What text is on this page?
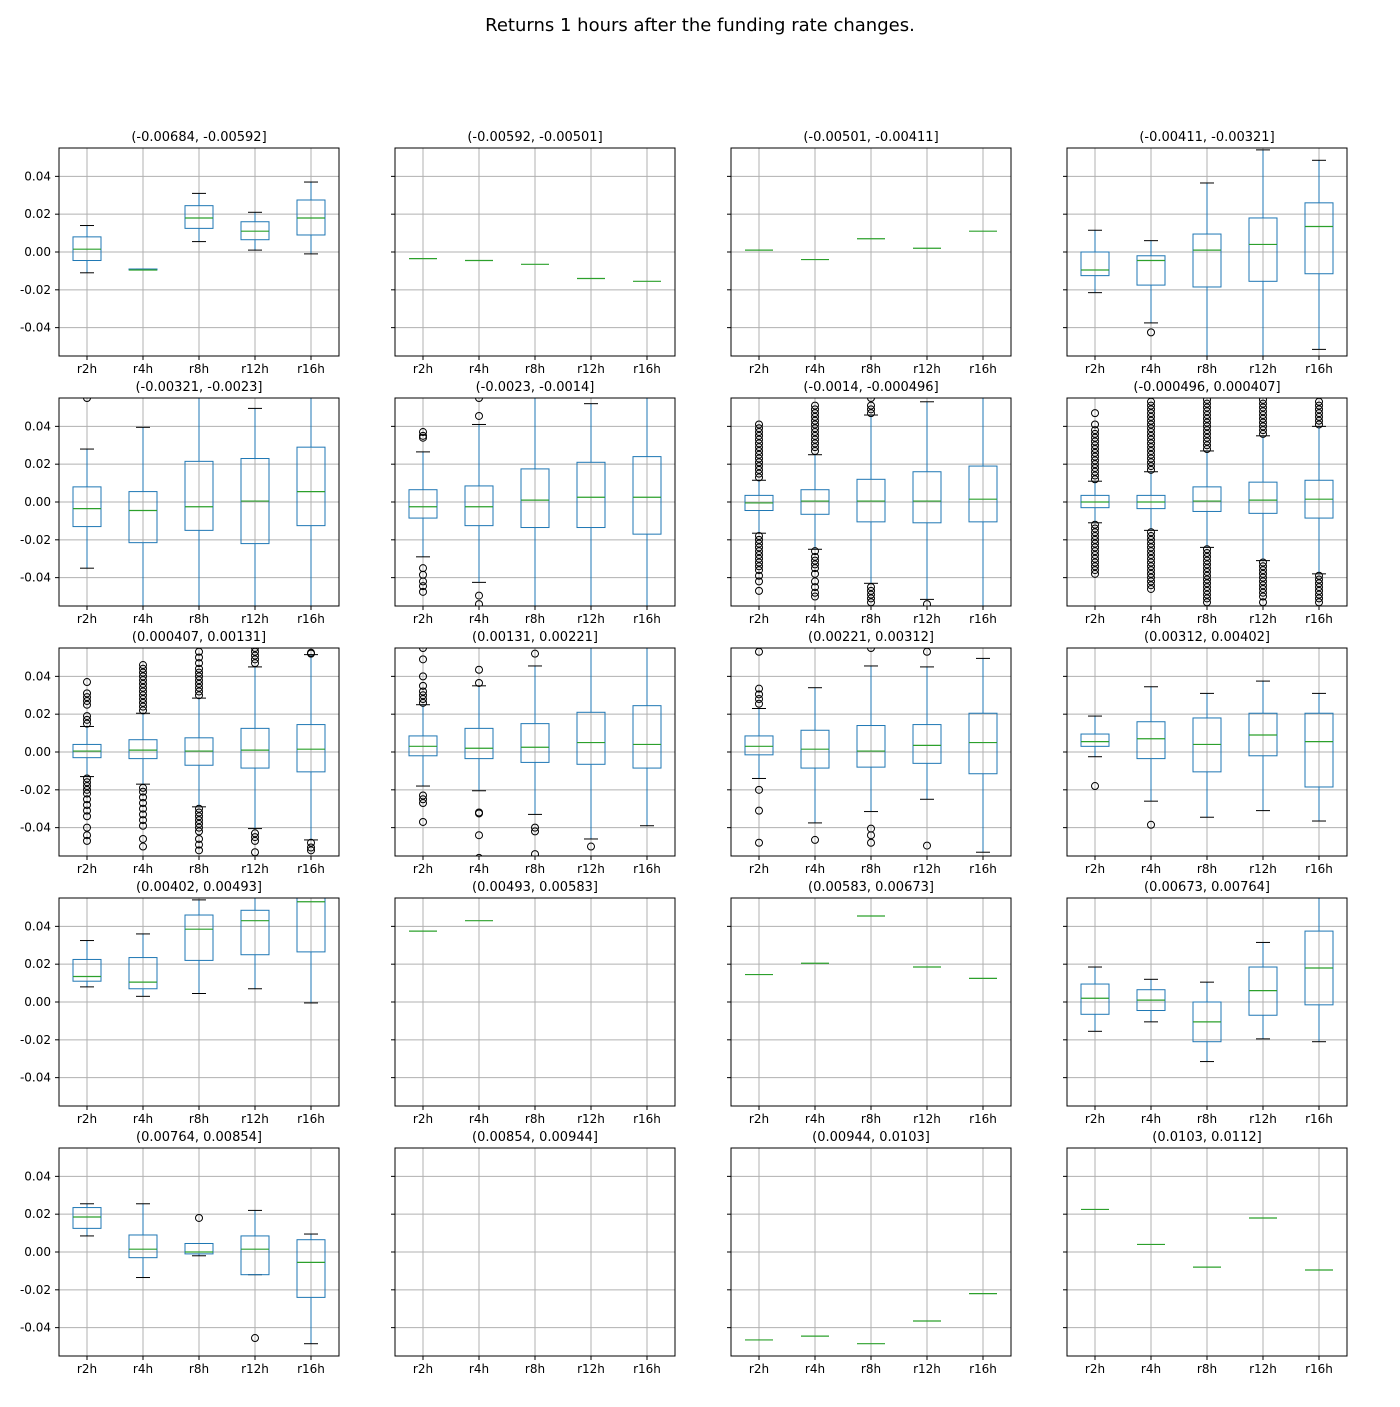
Returns 1 hours after the funding rate changes.
-0.04
-0.02
0.00
0.02
0.04
r2h	r4h	r8h	r12h r16h
(-0.00684, -0.00592]
r2h	r4h	r8h	r12h r16h
(-0.00592, -0.00501]
r2h	r4h	r8h	r12h r16h
(-0.00501, -0.00411]
r2h	r4h	r8h	r12h r16h
(-0.00411, -0.00321]
-0.04
-0.02
0.00
0.02
0.04
r2h	r4h	r8h	r12h r16h
(-0.00321, -0.0023]
r2h	r4h	r8h	r12h r16h
(-0.0023, -0.0014]
r2h	r4h	r8h	r12h r16h
(-0.0014, -0.000496]
r2h	r4h	r8h	r12h r16h
(-0.000496, 0.000407]
-0.04
-0.02
0.00
0.02
0.04
r2h	r4h	r8h	r12h r16h
(0.000407, 0.00131]
r2h	r4h	r8h	r12h r16h
(0.00131, 0.00221]
r2h	r4h	r8h	r12h r16h
(0.00221, 0.00312]
r2h	r4h	r8h	r12h r16h
(0.00312, 0.00402]
-0.04
-0.02
0.00
0.02
0.04
r2h	r4h	r8h	r12h r16h
(0.00402, 0.00493]
r2h	r4h	r8h	r12h r16h
(0.00493, 0.00583]
r2h	r4h	r8h	r12h r16h
(0.00583, 0.00673]
r2h	r4h	r8h	r12h r16h
(0.00673, 0.00764]
-0.04
-0.02
0.00
0.02
0.04
r2h	r4h	r8h	r12h r16h
(0.00764, 0.00854]
r2h	r4h	r8h	r12h r16h
(0.00854, 0.00944]
r2h	r4h	r8h	r12h r16h
(0.00944, 0.0103]
r2h	r4h	r8h	r12h r16h
(0.0103, 0.0112]
